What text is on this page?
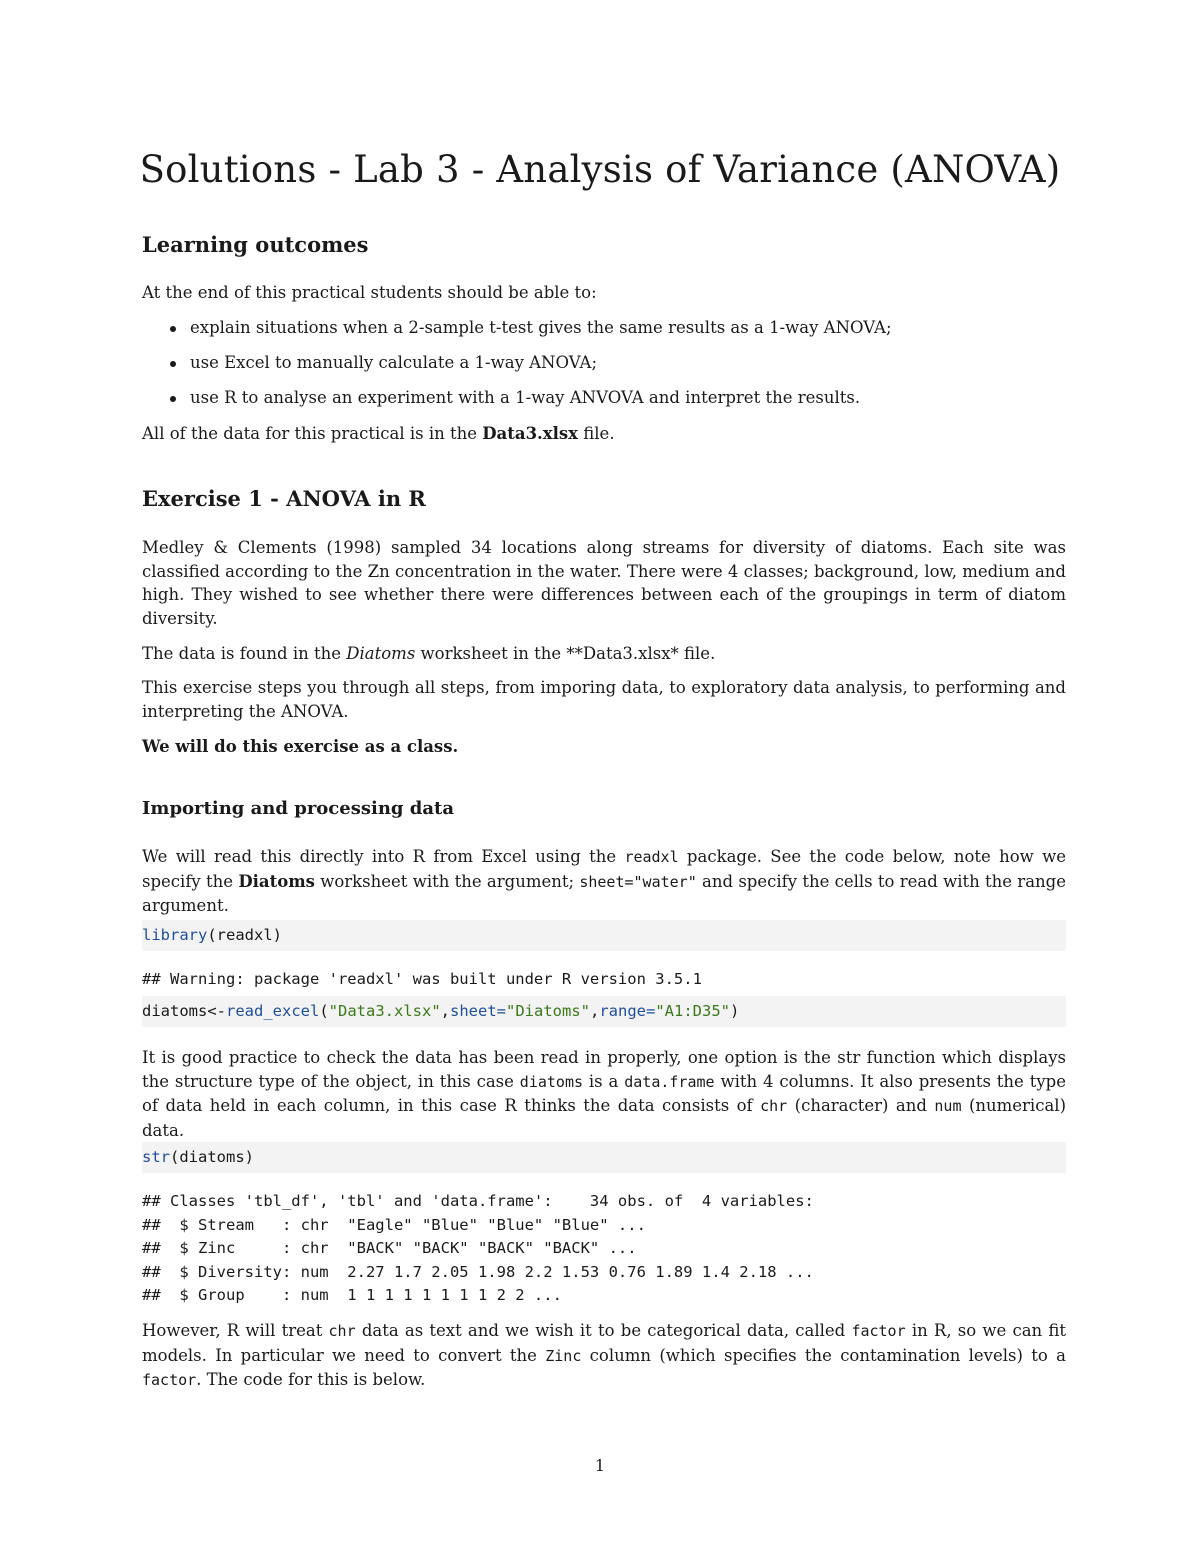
Solutions - Lab 3 - Analysis of Variance (ANOVA)
Learning outcomes

At the end of this practical students should be able to:

explain situations when a 2-sample t-test gives the same results as a 1-way ANOVA;
use Excel to manually calculate a 1-way ANOVA;
use R to analyse an experiment with a 1-way ANVOVA and interpret the results.

All of the data for this practical is in the Data3.xlsx file.

Exercise 1 - ANOVA in R

Medley & Clements (1998) sampled 34 locations along streams for diversity of diatoms. Each site was classified according to the Zn concentration in the water. There were 4 classes; background, low, medium and high. They wished to see whether there were differences between each of the groupings in term of diatom diversity.

The data is found in the Diatoms worksheet in the **Data3.xlsx* file.

This exercise steps you through all steps, from imporing data, to exploratory data analysis, to performing and interpreting the ANOVA.

We will do this exercise as a class.

Importing and processing data

We will read this directly into R from Excel using the readxl package. See the code below, note how we specify the Diatoms worksheet with the argument; sheet="water" and specify the cells to read with the range argument.

library(readxl)
## Warning: package 'readxl' was built under R version 3.5.1
diatoms<-read_excel("Data3.xlsx",sheet="Diatoms",range="A1:D35")

It is good practice to check the data has been read in properly, one option is the str function which displays the structure type of the object, in this case diatoms is a data.frame with 4 columns. It also presents the type of data held in each column, in this case R thinks the data consists of chr (character) and num (numerical) data.

str(diatoms)
## Classes 'tbl_df', 'tbl' and 'data.frame':    34 obs. of  4 variables:
##  $ Stream   : chr  "Eagle" "Blue" "Blue" "Blue" ...
##  $ Zinc     : chr  "BACK" "BACK" "BACK" "BACK" ...
##  $ Diversity: num  2.27 1.7 2.05 1.98 2.2 1.53 0.76 1.89 1.4 2.18 ...
##  $ Group    : num  1 1 1 1 1 1 1 1 2 2 ...

However, R will treat chr data as text and we wish it to be categorical data, called factor in R, so we can fit models. In particular we need to convert the Zinc column (which specifies the contamination levels) to a factor. The code for this is below.

1
